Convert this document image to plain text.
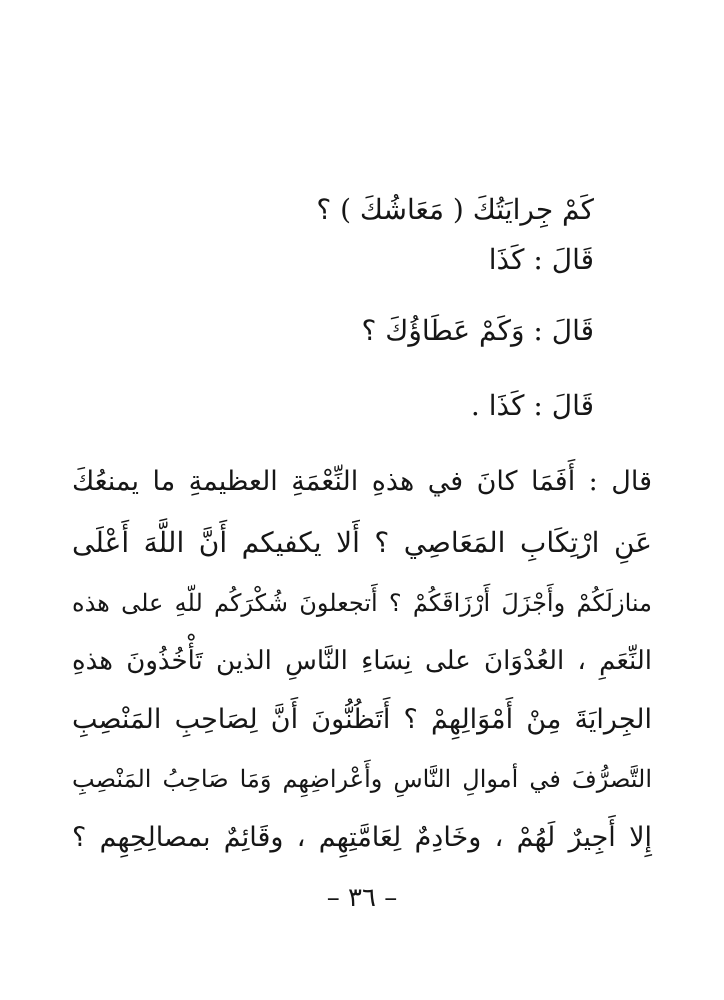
كَمْ جِرايَتُكَ ( مَعَاشُكَ ) ؟
قَالَ : كَذَا
قَالَ : وَكَمْ عَطَاؤُكَ ؟
قَالَ : كَذَا .
قال : أَفَمَا كانَ في هذهِ النِّعْمَةِ العظيمةِ ما يمنعُكَ
عَنِ ارْتِكَابِ المَعَاصِي ؟ أَلا يكفيكم أَنَّ اللَّهَ أَعْلَى
منازلَكُمْ وأَجْزَلَ أَرْزَاقَكُمْ ؟ أَتجعلونَ شُكْرَكُم للّهِ على هذه
النِّعَمِ ، العُدْوَانَ على نِسَاءِ النَّاسِ الذين تَأْخُذُونَ هذهِ
الجِرايَةَ مِنْ أَمْوَالِهِمْ ؟ أَتَظُنُّونَ أَنَّ لِصَاحِبِ المَنْصِبِ
التَّصرُّفَ في أموالِ النَّاسِ وأَعْراضِهِم وَمَا صَاحِبُ المَنْصِبِ
إِلا أَجِيرٌ لَهُمْ ، وخَادِمٌ لِعَامَّتِهِم ، وقَائِمٌ بمصالِحِهِم ؟
– ٣٦ –
